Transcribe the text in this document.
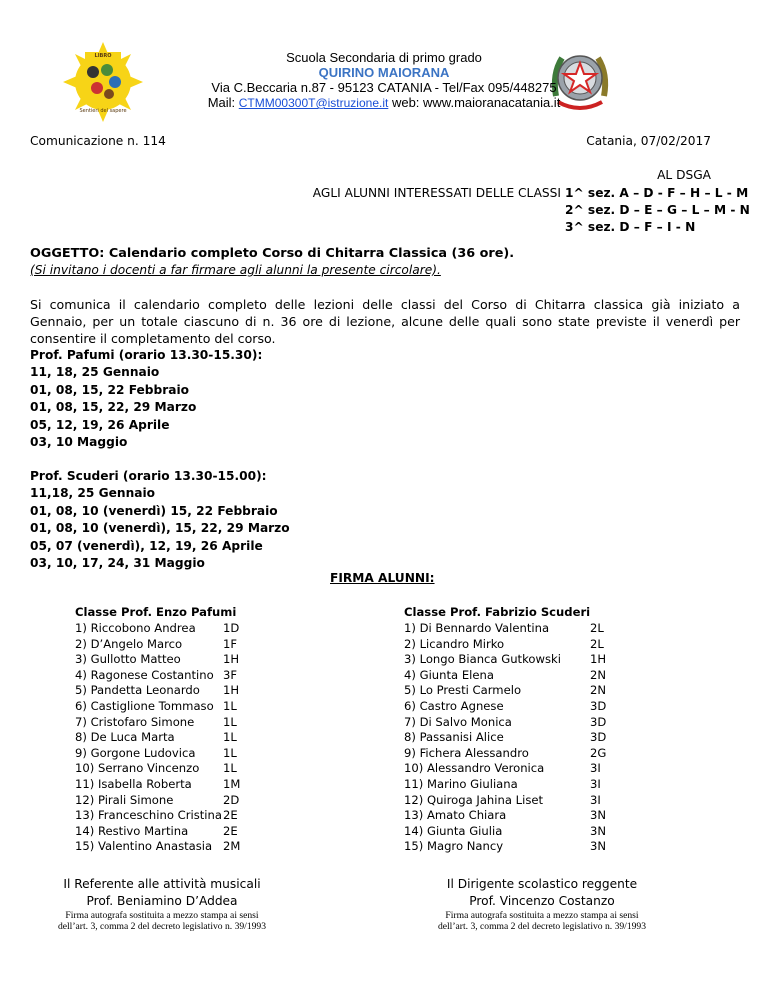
LIBRO
Sentieri del sapere
Scuola Secondaria di primo grado
QUIRINO MAIORANA
Via C.Beccaria n.87 - 95123 CATANIA - Tel/Fax 095/448275
Mail: CTMM00300T@istruzione.it web: www.maioranacatania.it
Comunicazione n. 114	Catania, 07/02/2017
AL DSGA
AGLI ALUNNI INTERESSATI DELLE CLASSI 1^ sez. A – D - F – H – L - M
2^ sez. D – E – G – L – M - N
3^ sez. D – F – I - N
OGGETTO: Calendario completo Corso di Chitarra Classica (36 ore).
(Si invitano i docenti a far firmare agli alunni la presente circolare).
Si comunica il calendario completo delle lezioni delle classi del Corso di Chitarra classica già iniziato a
Gennaio, per un totale ciascuno di n. 36 ore di lezione, alcune delle quali sono state previste il venerdì per
consentire il completamento del corso.
Prof. Pafumi (orario 13.30-15.30):
11, 18, 25 Gennaio
01, 08, 15, 22 Febbraio
01, 08, 15, 22, 29 Marzo
05, 12, 19, 26 Aprile
03, 10 Maggio
Prof. Scuderi (orario 13.30-15.00):
11,18, 25 Gennaio
01, 08, 10 (venerdì) 15, 22 Febbraio
01, 08, 10 (venerdì), 15, 22, 29 Marzo
05, 07 (venerdì), 12, 19, 26 Aprile
03, 10, 17, 24, 31 Maggio
FIRMA ALUNNI:
Classe Prof. Enzo Pafumi
1) Riccobono Andrea 1D
2) D’Angelo Marco	1F
3) Gullotto Matteo	1H
4) Ragonese Costantino 3F
5) Pandetta Leonardo 1H
6) Castiglione Tommaso 1L
7) Cristofaro Simone 1L
8) De Luca Marta	1L
9) Gorgone Ludovica 1L
10) Serrano Vincenzo 1L
11) Isabella Roberta	1M
12) Pirali Simone	2D
13) Franceschino Cristina 2E
14) Restivo Martina	2E
15) Valentino Anastasia 2M
Classe Prof. Fabrizio Scuderi
1) Di Bennardo Valentina	2L
2) Licandro Mirko	2L
3) Longo Bianca Gutkowski	1H
4) Giunta Elena	2N
5) Lo Presti Carmelo	2N
6) Castro Agnese	3D
7) Di Salvo Monica	3D
8) Passanisi Alice	3D
9) Fichera Alessandro	2G
10) Alessandro Veronica	3I
11) Marino Giuliana	3I
12) Quiroga Jahina Liset	3I
13) Amato Chiara	3N
14) Giunta Giulia	3N
15) Magro Nancy	3N
Il Referente alle attività musicali
Prof. Beniamino D’Addea
Firma autografa sostituita a mezzo stampa ai sensi
dell’art. 3, comma 2 del decreto legislativo n. 39/1993
Il Dirigente scolastico reggente
Prof. Vincenzo Costanzo
Firma autografa sostituita a mezzo stampa ai sensi
dell’art. 3, comma 2 del decreto legislativo n. 39/1993
